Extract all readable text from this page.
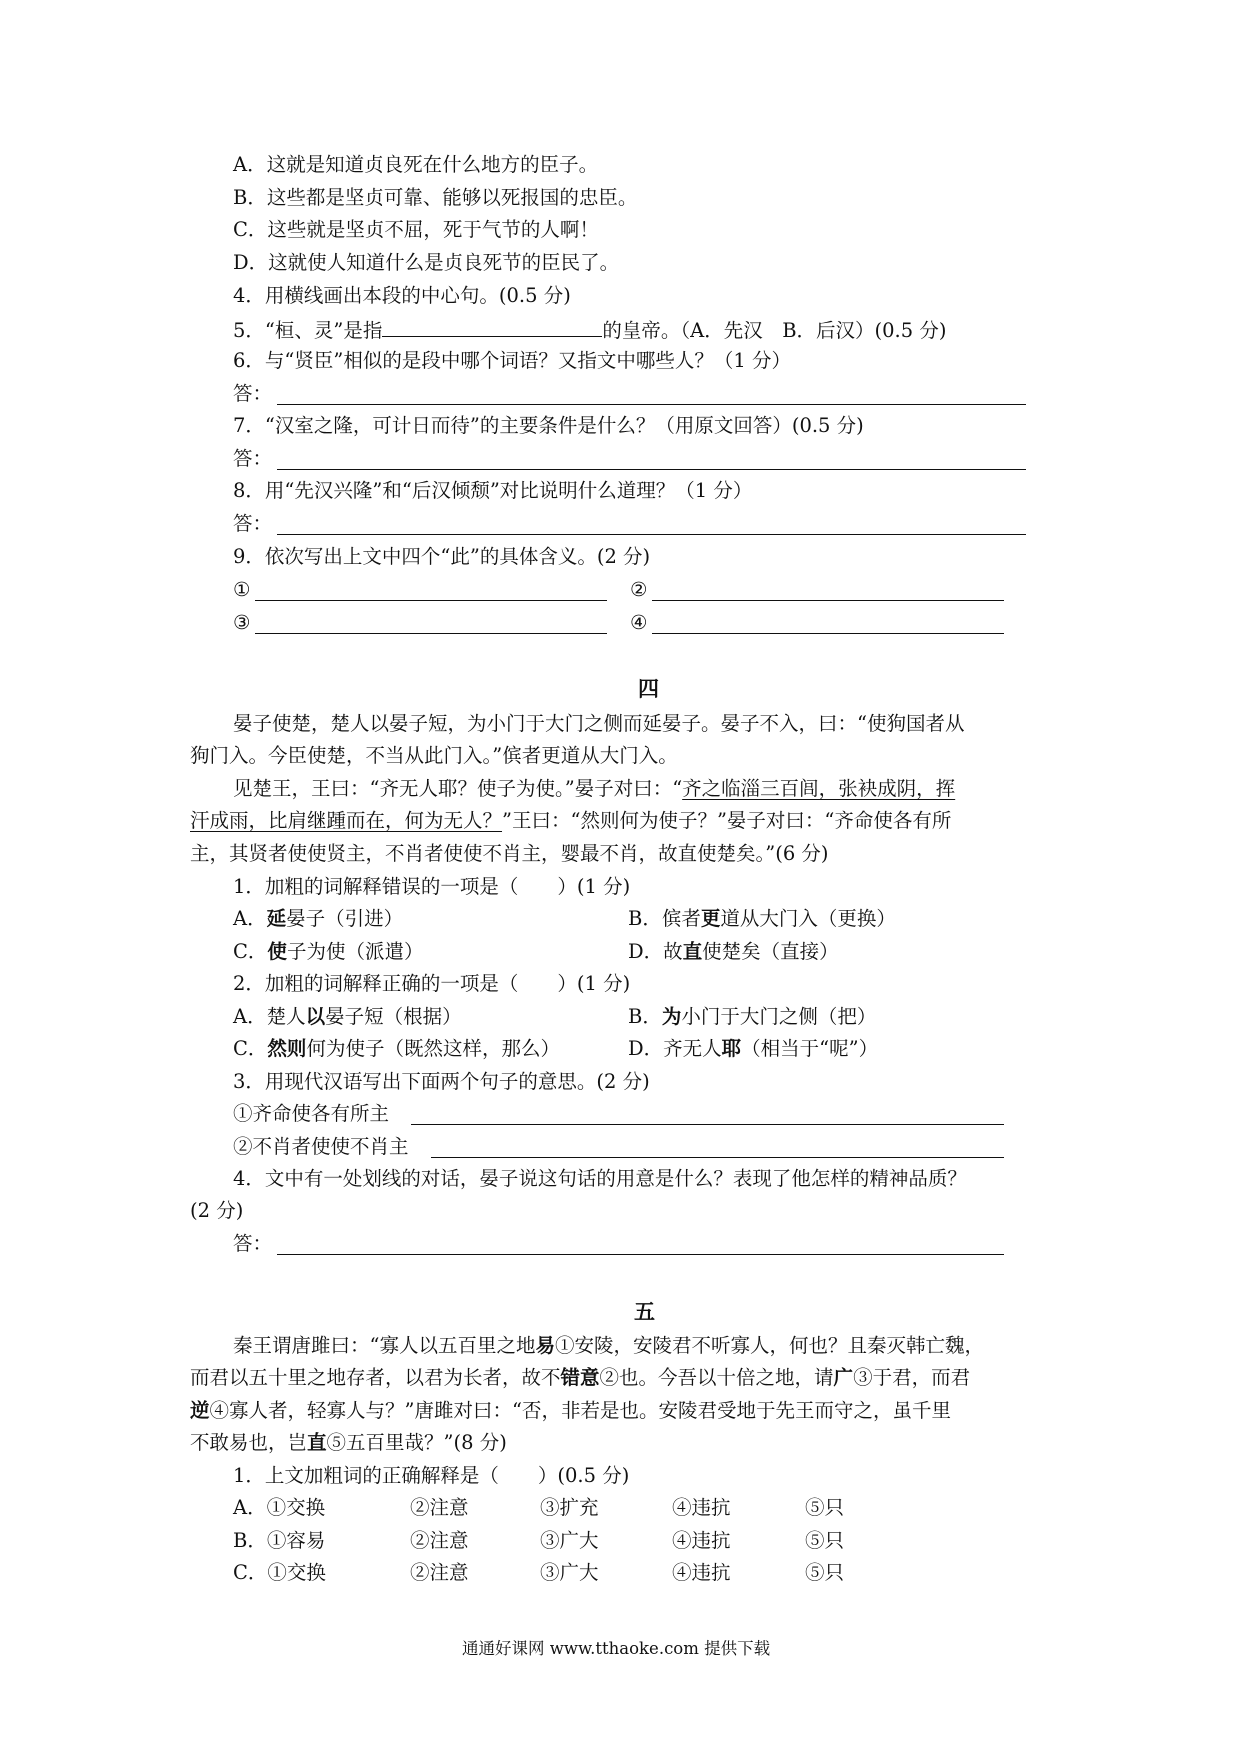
A．这就是知道贞良死在什么地方的臣子。
B．这些都是坚贞可靠、能够以死报国的忠臣。
C．这些就是坚贞不屈，死于气节的人啊！
D．这就使人知道什么是贞良死节的臣民了。
4．用横线画出本段的中心句。(0.5 分)
5．“桓、灵”是指	的皇帝。（A．先汉　B．后汉）(0.5 分)
6．与“贤臣”相似的是段中哪个词语？又指文中哪些人？（1 分）
答：
7．“汉室之隆，可计日而待”的主要条件是什么？（用原文回答）(0.5 分)
答：
8．用“先汉兴隆”和“后汉倾颓”对比说明什么道理？（1 分）
答：
9．依次写出上文中四个“此”的具体含义。(2 分)
①	②
③	④
四
晏子使楚，楚人以晏子短，为小门于大门之侧而延晏子。晏子不入，曰：“使狗国者从
狗门入。今臣使楚，不当从此门入。”傧者更道从大门入。
见楚王，王曰：“齐无人耶？使子为使。”晏子对曰：“齐之临淄三百闾，张袂成阴，挥
汗成雨，比肩继踵而在，何为无人？”王曰：“然则何为使子？”晏子对曰：“齐命使各有所
主，其贤者使使贤主，不肖者使使不肖主，婴最不肖，故直使楚矣。”(6 分)
1．加粗的词解释错误的一项是（　　）(1 分)
A．延晏子（引进）	B．傧者更道从大门入（更换）
C．使子为使（派遣）	D．故直使楚矣（直接）
2．加粗的词解释正确的一项是（　　）(1 分)
A．楚人以晏子短（根据）	B．为小门于大门之侧（把）
C．然则何为使子（既然这样，那么）	D．齐无人耶（相当于“呢”）
3．用现代汉语写出下面两个句子的意思。(2 分)
①齐命使各有所主
②不肖者使使不肖主
4．文中有一处划线的对话，晏子说这句话的用意是什么？表现了他怎样的精神品质？
(2 分)
答：
五
秦王谓唐雎曰：“寡人以五百里之地易①安陵，安陵君不听寡人，何也？且秦灭韩亡魏，
而君以五十里之地存者，以君为长者，故不错意②也。今吾以十倍之地，请广③于君，而君
逆④寡人者，轻寡人与？”唐雎对曰：“否，非若是也。安陵君受地于先王而守之，虽千里
不敢易也，岂直⑤五百里哉？”(8 分)
1．上文加粗词的正确解释是（　　）(0.5 分)
A．①交换	②注意	③扩充	④违抗	⑤只
B．①容易	②注意	③广大	④违抗	⑤只
C．①交换	②注意	③广大	④违抗	⑤只
通通好课网 www.tthaoke.com 提供下载
